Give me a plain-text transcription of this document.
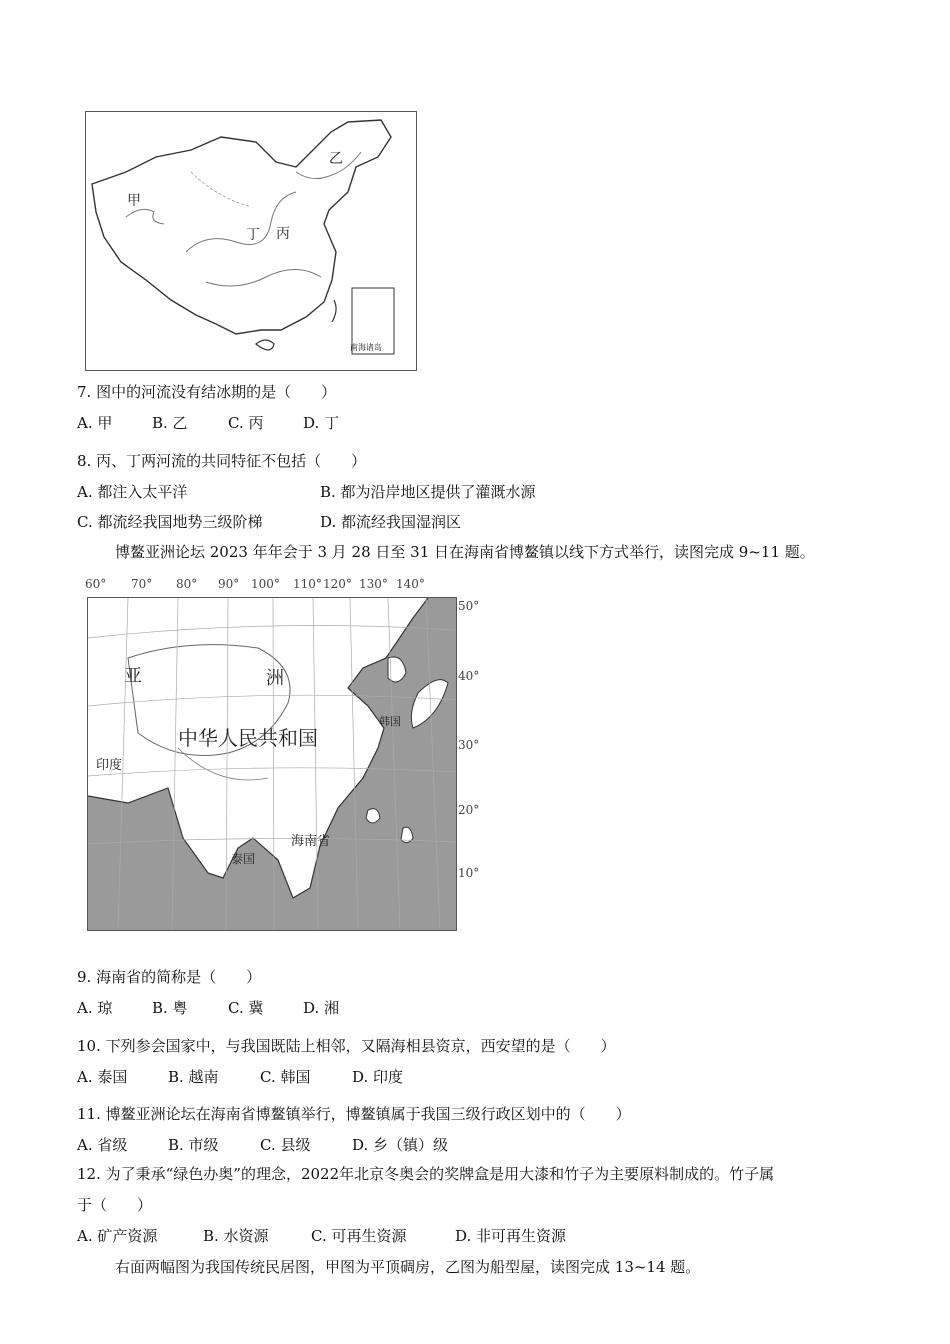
甲
乙
丙
丁
南海诸岛
7. 图中的河流没有结冰期的是（　　）
A. 甲	B. 乙	C. 丙	D. 丁
8. 丙、丁两河流的共同特征不包括（　　）
A. 都注入太平洋	B. 都为沿岸地区提供了灌溉水源
C. 都流经我国地势三级阶梯	D. 都流经我国湿润区
博鳌亚洲论坛 2023 年年会于 3 月 28 日至 31 日在海南省博鳌镇以线下方式举行，读图完成 9~11 题。
60° 70° 80° 90° 100° 110° 120° 130° 140°
亚	洲
中华人民共和国
印度
韩国
泰国
海南省
50°
40°
30°
20°
10°
9. 海南省的简称是（　　）
A. 琼	B. 粤	C. 冀	D. 湘
10. 下列参会国家中，与我国既陆上相邻，又隔海相县资京，西安望的是（　　）
A. 泰国	B. 越南	C. 韩国	D. 印度
11. 博鳌亚洲论坛在海南省博鳌镇举行，博鳌镇属于我国三级行政区划中的（　　）
A. 省级	B. 市级	C. 县级	D. 乡（镇）级
12. 为了秉承“绿色办奥”的理念，2022年北京冬奥会的奖牌盒是用大漆和竹子为主要原料制成的。竹子属
于（　　）
A. 矿产资源	B. 水资源	C. 可再生资源	D. 非可再生资源
右面两幅图为我国传统民居图，甲图为平顶碉房，乙图为船型屋，读图完成 13~14 题。
